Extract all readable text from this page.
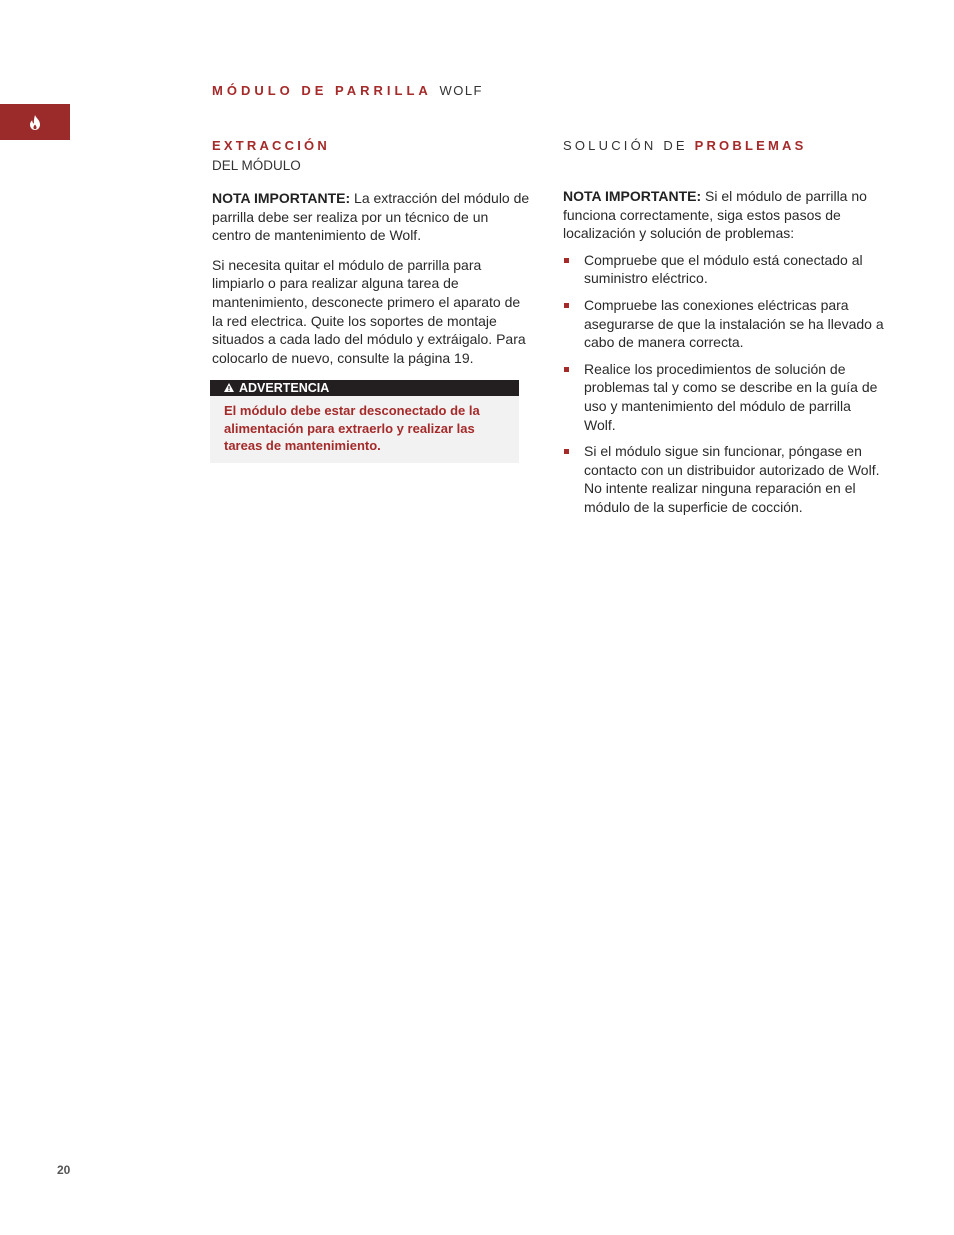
MÓDULO DE PARRILLA WOLF
EXTRACCIÓN
DEL MÓDULO

NOTA IMPORTANTE: La extracción del módulo de parrilla debe ser realiza por un técnico de un centro de mantenimiento de Wolf.

Si necesita quitar el módulo de parrilla para limpiarlo o para realizar alguna tarea de mantenimiento, desconecte primero el aparato de la red electrica. Quite los soportes de montaje situados a cada lado del módulo y extráigalo. Para colocarlo de nuevo, consulte la página 19.

ADVERTENCIA
El módulo debe estar desconectado de la alimentación para extraerlo y realizar las tareas de mantenimiento.
SOLUCIÓN DE PROBLEMAS

NOTA IMPORTANTE: Si el módulo de parrilla no funciona correctamente, siga estos pasos de localización y solución de problemas:

Compruebe que el módulo está conectado al suministro eléctrico.
Compruebe las conexiones eléctricas para asegurarse de que la instalación se ha llevado a cabo de manera correcta.
Realice los procedimientos de solución de problemas tal y como se describe en la guía de uso y mantenimiento del módulo de parrilla Wolf.
Si el módulo sigue sin funcionar, póngase en contacto con un distribuidor autorizado de Wolf. No intente realizar ninguna reparación en el módulo de la superficie de cocción.
20
